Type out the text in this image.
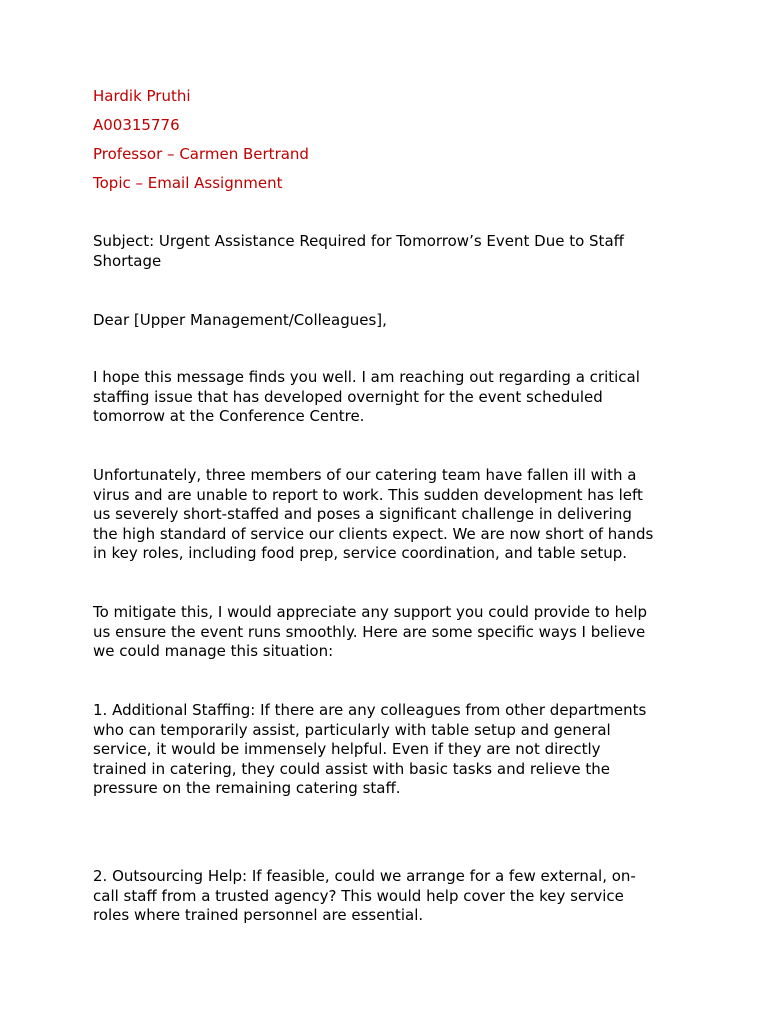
Hardik Pruthi

A00315776

Professor – Carmen Bertrand

Topic – Email Assignment

Subject: Urgent Assistance Required for Tomorrow’s Event Due to Staff
Shortage

Dear [Upper Management/Colleagues],

I hope this message finds you well. I am reaching out regarding a critical
staffing issue that has developed overnight for the event scheduled
tomorrow at the Conference Centre.
Unfortunately, three members of our catering team have fallen ill with a
virus and are unable to report to work. This sudden development has left
us severely short-staffed and poses a significant challenge in delivering
the high standard of service our clients expect. We are now short of hands
in key roles, including food prep, service coordination, and table setup.
To mitigate this, I would appreciate any support you could provide to help
us ensure the event runs smoothly. Here are some specific ways I believe
we could manage this situation:
1. Additional Staffing: If there are any colleagues from other departments
who can temporarily assist, particularly with table setup and general
service, it would be immensely helpful. Even if they are not directly
trained in catering, they could assist with basic tasks and relieve the
pressure on the remaining catering staff.
2. Outsourcing Help: If feasible, could we arrange for a few external, on-
call staff from a trusted agency? This would help cover the key service
roles where trained personnel are essential.
